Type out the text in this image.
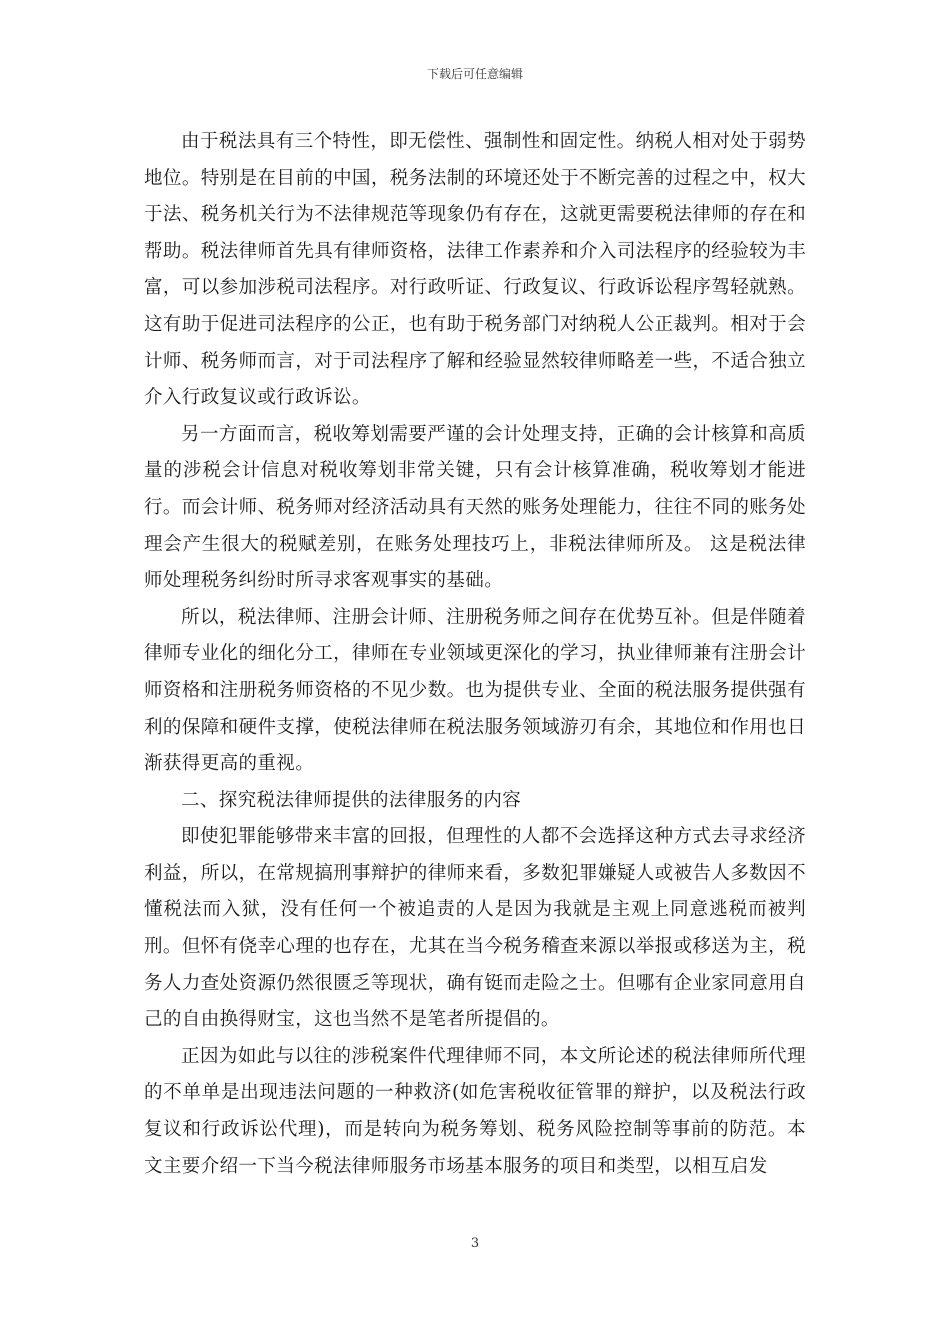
下载后可任意编辑

由于税法具有三个特性，即无偿性、强制性和固定性。纳税人相对处于弱势地位。特别是在目前的中国，税务法制的环境还处于不断完善的过程之中，权大于法、税务机关行为不法律规范等现象仍有存在，这就更需要税法律师的存在和帮助。税法律师首先具有律师资格，法律工作素养和介入司法程序的经验较为丰富，可以参加涉税司法程序。对行政听证、行政复议、行政诉讼程序驾轻就熟。这有助于促进司法程序的公正，也有助于税务部门对纳税人公正裁判。相对于会计师、税务师而言，对于司法程序了解和经验显然较律师略差一些，不适合独立介入行政复议或行政诉讼。

另一方面而言，税收筹划需要严谨的会计处理支持，正确的会计核算和高质量的涉税会计信息对税收筹划非常关键，只有会计核算准确，税收筹划才能进行。而会计师、税务师对经济活动具有天然的账务处理能力，往往不同的账务处理会产生很大的税赋差别，在账务处理技巧上，非税法律师所及。 这是税法律师处理税务纠纷时所寻求客观事实的基础。

所以，税法律师、注册会计师、注册税务师之间存在优势互补。但是伴随着律师专业化的细化分工，律师在专业领域更深化的学习，执业律师兼有注册会计师资格和注册税务师资格的不见少数。也为提供专业、全面的税法服务提供强有利的保障和硬件支撑，使税法律师在税法服务领域游刃有余，其地位和作用也日渐获得更高的重视。

二、探究税法律师提供的法律服务的内容

即使犯罪能够带来丰富的回报，但理性的人都不会选择这种方式去寻求经济利益，所以，在常规搞刑事辩护的律师来看，多数犯罪嫌疑人或被告人多数因不懂税法而入狱，没有任何一个被追责的人是因为我就是主观上同意逃税而被判刑。但怀有侥幸心理的也存在，尤其在当今税务稽查来源以举报或移送为主，税务人力查处资源仍然很匮乏等现状，确有铤而走险之士。但哪有企业家同意用自己的自由换得财宝，这也当然不是笔者所提倡的。

正因为如此与以往的涉税案件代理律师不同，本文所论述的税法律师所代理的不单单是出现违法问题的一种救济(如危害税收征管罪的辩护，以及税法行政复议和行政诉讼代理)，而是转向为税务筹划、税务风险控制等事前的防范。本文主要介绍一下当今税法律师服务市场基本服务的项目和类型，以相互启发

3
